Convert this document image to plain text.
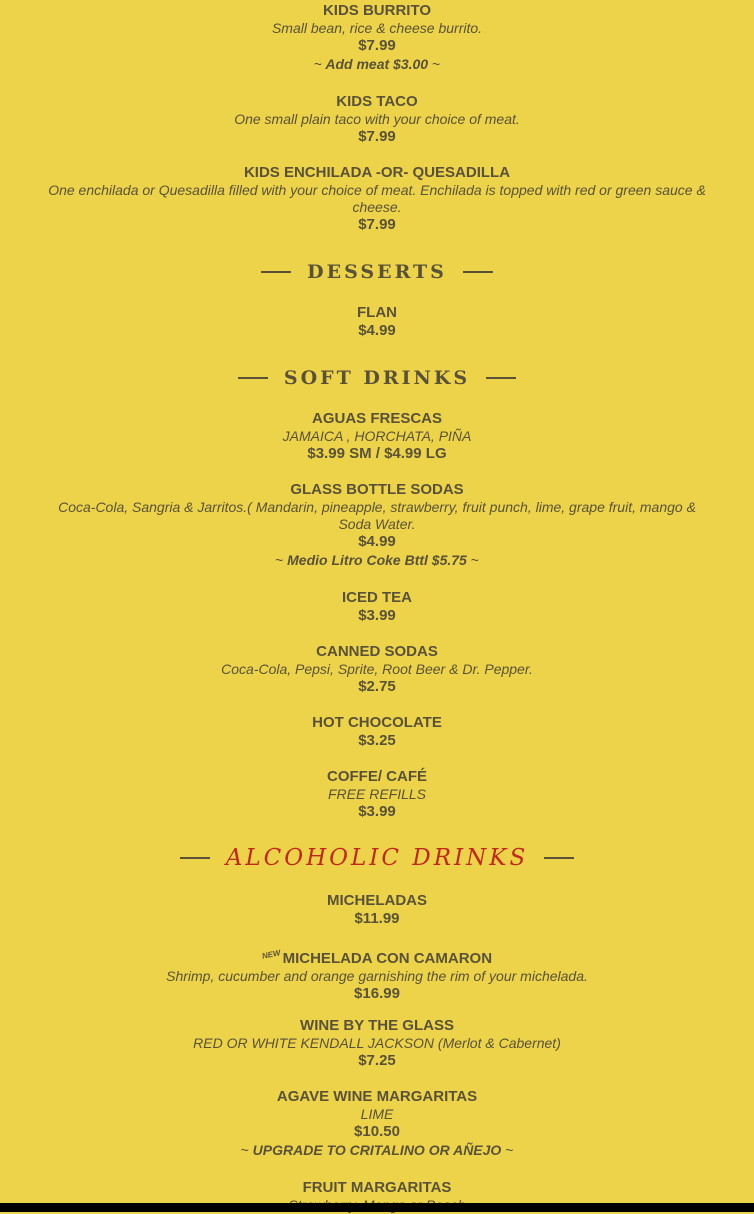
KIDS BURRITO
Small bean, rice & cheese burrito.
$7.99
~ Add meat $3.00 ~
KIDS TACO
One small plain taco with your choice of meat.
$7.99
KIDS ENCHILADA -OR- QUESADILLA
One enchilada or Quesadilla filled with your choice of meat. Enchilada is topped with red or green sauce & cheese.
$7.99
DESSERTS
FLAN
$4.99
SOFT DRINKS
AGUAS FRESCAS
JAMAICA , HORCHATA, PIÑA
$3.99 SM / $4.99 LG
GLASS BOTTLE SODAS
Coca-Cola, Sangria & Jarritos.( Mandarin, pineapple, strawberry, fruit punch, lime, grape fruit, mango & Soda Water.
$4.99
~ Medio Litro Coke Bttl $5.75 ~
ICED TEA
$3.99
CANNED SODAS
Coca-Cola, Pepsi, Sprite, Root Beer & Dr. Pepper.
$2.75
HOT CHOCOLATE
$3.25
COFFE/ CAFÉ
FREE REFILLS
$3.99
ALCOHOLIC DRINKS
MICHELADAS
$11.99
NEWMICHELADA CON CAMARON
Shrimp, cucumber and orange garnishing the rim of your michelada.
$16.99
WINE BY THE GLASS
RED OR WHITE KENDALL JACKSON (Merlot & Cabernet)
$7.25
AGAVE WINE MARGARITAS
LIME
$10.50
~ UPGRADE TO CRITALINO OR AÑEJO ~
FRUIT MARGARITAS
